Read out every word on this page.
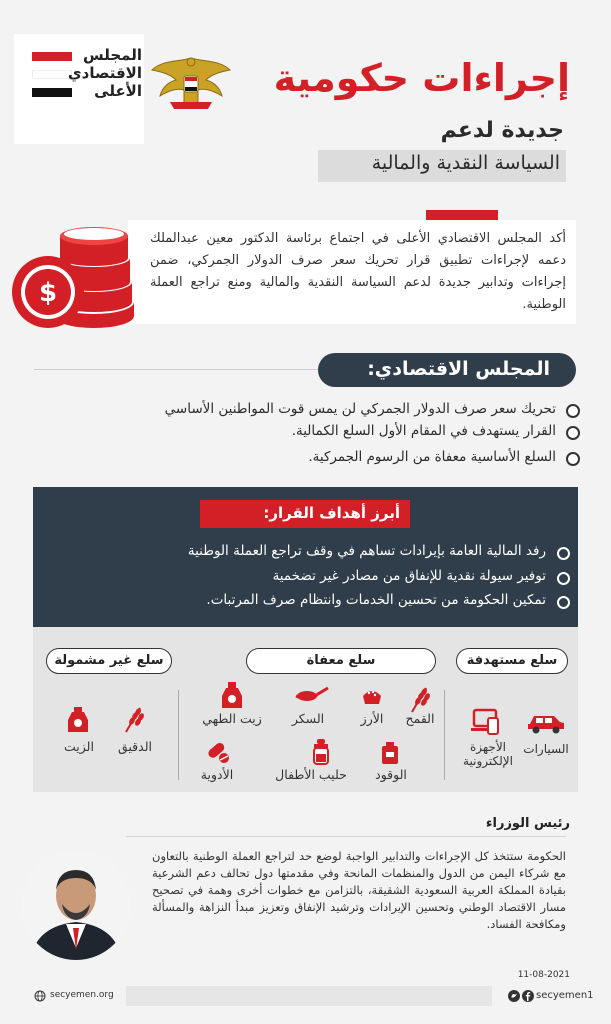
المجلس
الاقتصادي
الأعلى	إجراءات حكومية
جديدة لدعم
السياسة النقدية والمالية
أكد المجلس الاقتصادي الأعلى في اجتماع برئاسة الدكتور معين عبدالملك دعمه لإجراءات تطبيق قرار تحريك سعر صرف الدولار الجمركي، ضمن إجراءات وتدابير جديدة لدعم السياسة النقدية والمالية ومنع تراجع العملة الوطنية.
$
المجلس الاقتصادي:
تحريك سعر صرف الدولار الجمركي لن يمس قوت المواطنين الأساسي
القرار يستهدف في المقام الأول السلع الكمالية.
السلع الأساسية معفاة من الرسوم الجمركية.
أبرز أهداف القرار:
رفد المالية العامة بإيرادات تساهم في وقف تراجع العملة الوطنية
توفير سيولة نقدية للإنفاق من مصادر غير تضخمية
تمكين الحكومة من تحسين الخدمات وانتظام صرف المرتبات.
سلع مستهدفة
سلع معفاة
سلع غير مشمولة
السيارات
الأجهزة الإلكترونية
القمح
الأرز
السكر
زيت الطهي
الوقود
حليب الأطفال
الأدوية
الدقيق
الزيت
رئيس الوزراء
الحكومة ستتخذ كل الإجراءات والتدابير الواجبة لوضع حد لتراجع العملة الوطنية بالتعاون مع شركاء اليمن من الدول والمنظمات المانحة وفي مقدمتها دول تحالف دعم الشرعية بقيادة المملكة العربية السعودية الشقيقة، بالتزامن مع خطوات أخرى وهمة في تصحيح مسار الاقتصاد الوطني وتحسين الإيرادات وترشيد الإنفاق وتعزيز مبدأ النزاهة والمسألة ومكافحة الفساد.
11-08-2021
secyemen.org	secyemen1
